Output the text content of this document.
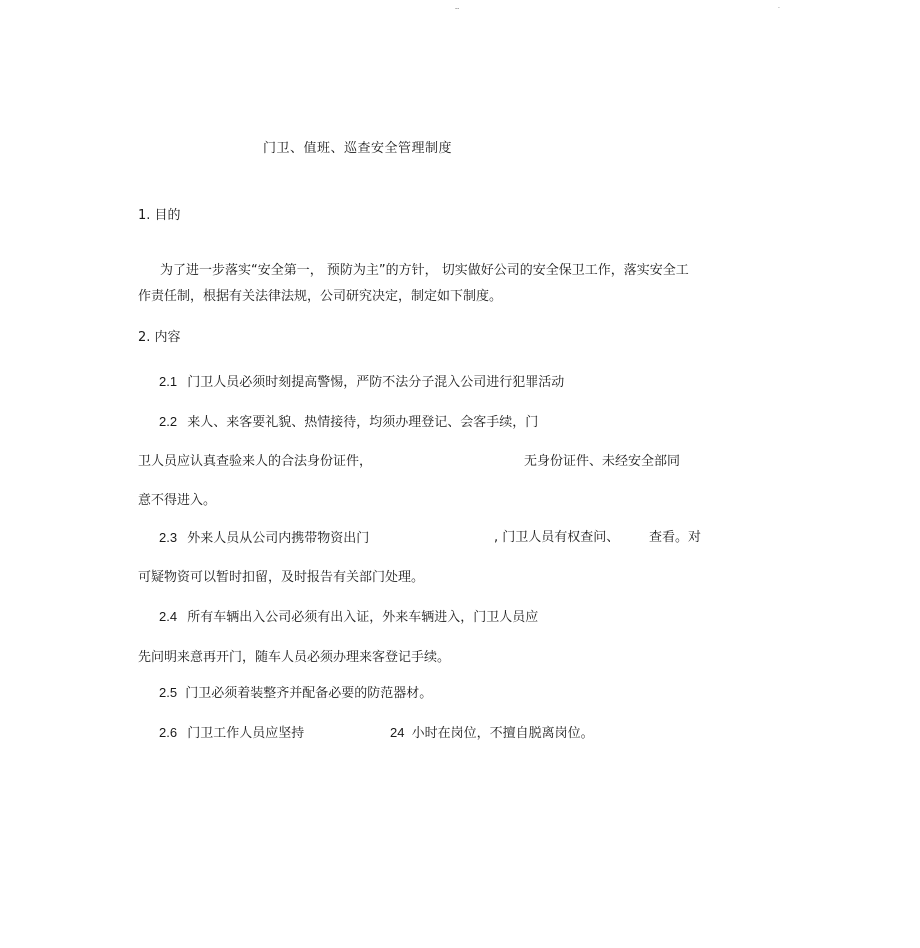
--	.
门卫、值班、巡查安全管理制度
1. 目的
为了进一步落实“安全第一， 预防为主”的方针， 切实做好公司的安全保卫工作，落实安全工
作责任制，根据有关法律法规，公司研究决定，制定如下制度。
2. 内容
2.1 门卫人员必须时刻提高警惕，严防不法分子混入公司进行犯罪活动
2.2 来人、来客要礼貌、热情接待，均须办理登记、会客手续，门
卫人员应认真查验来人的合法身份证件，	无身份证件、未经安全部同
意不得进入。
2.3 外来人员从公司内携带物资出门	, 门卫人员有权查问、 查看。对
可疑物资可以暂时扣留，及时报告有关部门处理。
2.4 所有车辆出入公司必须有出入证，外来车辆进入，门卫人员应
先问明来意再开门，随车人员必须办理来客登记手续。
2.5 门卫必须着装整齐并配备必要的防范器材。
2.6 门卫工作人员应坚持	24 小时在岗位，不擅自脱离岗位。
